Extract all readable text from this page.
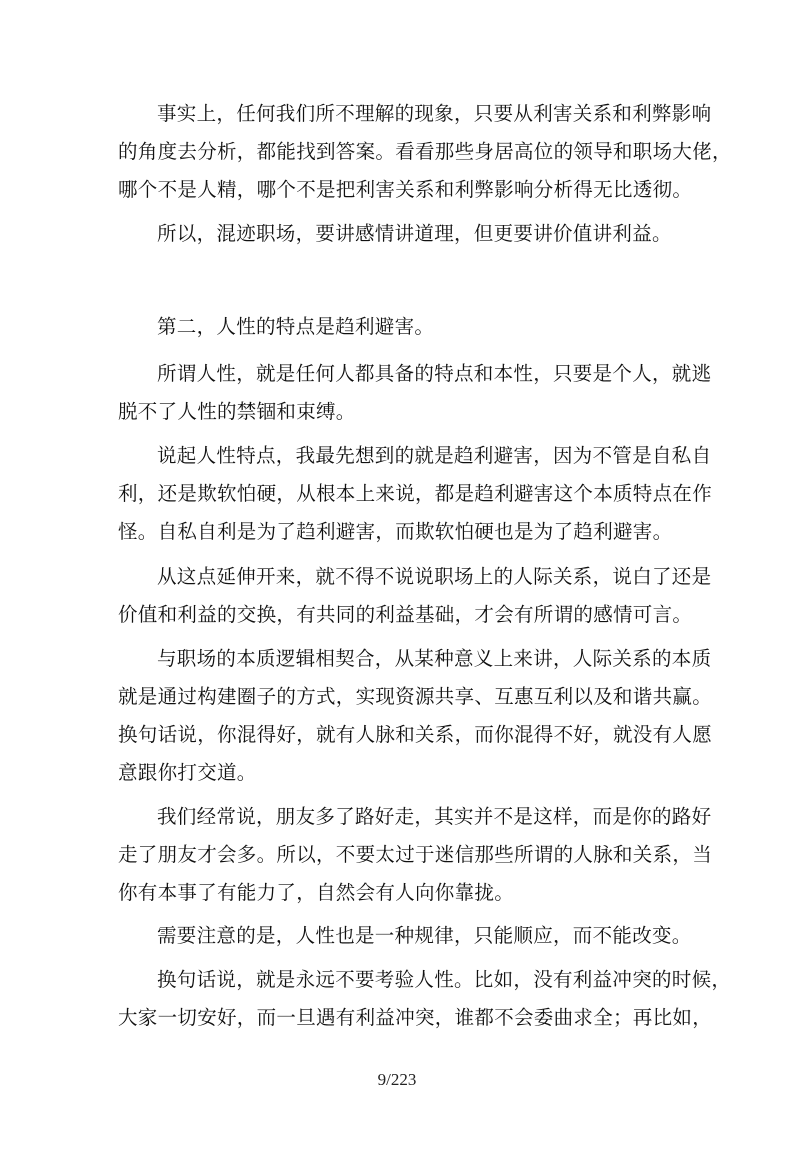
事实上，任何我们所不理解的现象，只要从利害关系和利弊影响
的角度去分析，都能找到答案。看看那些身居高位的领导和职场大佬，
哪个不是人精，哪个不是把利害关系和利弊影响分析得无比透彻。

所以，混迹职场，要讲感情讲道理，但更要讲价值讲利益。

第二，人性的特点是趋利避害。

所谓人性，就是任何人都具备的特点和本性，只要是个人，就逃
脱不了人性的禁锢和束缚。

说起人性特点，我最先想到的就是趋利避害，因为不管是自私自
利，还是欺软怕硬，从根本上来说，都是趋利避害这个本质特点在作
怪。自私自利是为了趋利避害，而欺软怕硬也是为了趋利避害。

从这点延伸开来，就不得不说说职场上的人际关系，说白了还是
价值和利益的交换，有共同的利益基础，才会有所谓的感情可言。

与职场的本质逻辑相契合，从某种意义上来讲，人际关系的本质
就是通过构建圈子的方式，实现资源共享、互惠互利以及和谐共赢。
换句话说，你混得好，就有人脉和关系，而你混得不好，就没有人愿
意跟你打交道。

我们经常说，朋友多了路好走，其实并不是这样，而是你的路好
走了朋友才会多。所以，不要太过于迷信那些所谓的人脉和关系，当
你有本事了有能力了，自然会有人向你靠拢。

需要注意的是，人性也是一种规律，只能顺应，而不能改变。

换句话说，就是永远不要考验人性。比如，没有利益冲突的时候，
大家一切安好，而一旦遇有利益冲突，谁都不会委曲求全；再比如，

9/223
